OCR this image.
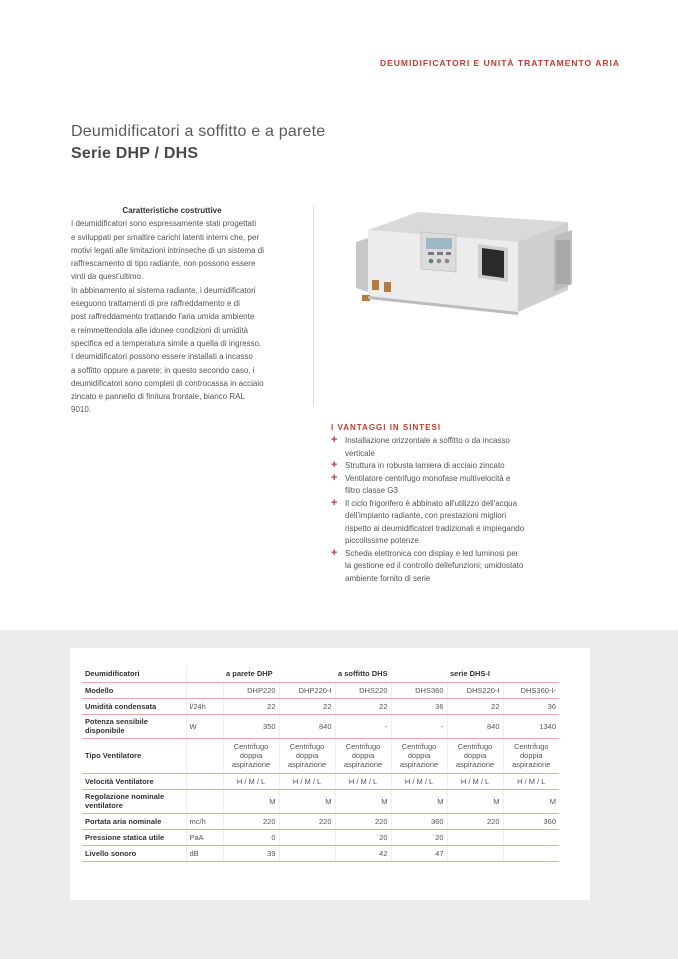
DEUMIDIFICATORI E UNITÀ TRATTAMENTO ARIA
Deumidificatori a soffitto e a parete
Serie DHP / DHS
Caratteristiche costruttive

I deumidificatori sono espressamente stati progettati

e sviluppati per smaltire carichi latenti interni che, per

motivi legati alle limitazioni intrinseche di un sistema di

raffrescamento di tipo radiante, non possono essere

vinti da quest'ultimo.

In abbinamento al sistema radiante, i deumidificatori

eseguono trattamenti di pre raffreddamento e di

post raffreddamento trattando l'aria umida ambiente

e reimmettendola alle idonee condizioni di umidità

specifica ed a temperatura simile a quella di ingresso.

I deumidificatori possono essere installati a incasso

a soffitto oppure a parete; in questo secondo caso, i

deumidificatori sono completi di controcassa in acciaio

zincato e pannello di finitura frontale, bianco RAL

9010.

I VANTAGGI IN SINTESI
+ Installazione orizzontale a soffitto o da incasso
verticale
+ Struttura in robusta lamiera di acciaio zincato
+ Ventilatore centrifugo monofase multivelocità e
filtro classe G3
+ Il ciclo frigorifero è abbinato all'utilizzo dell'acqua
dell'impianto radiante, con prestazioni migliori
rispetto ai deumidificatori tradizionali e impiegando
piccolissime potenze
+ Scheda elettronica con display e led luminosi per
la gestione ed il controllo dellefunzioni; umidostato
ambiente fornito di serie
Deumidificatori		a parete DHP		a soffitto DHS		serie DHS-I	
Modello		DHP220	DHP220-I	DHS220	DHS360	DHS220-I	DHS360-I-
Umidità condensata	l/24h	22	22	22	36	22	36
Potenza sensibile disponibile	W	350	840	-	-	840	1340
Tipo Ventilatore		Centrifugo
doppia
aspirazione	Centrifugo
doppia
aspirazione	Centrifugo
doppia
aspirazione	Centrifugo
doppia
aspirazione	Centrifugo
doppia
aspirazione	Centrifugo
doppia
aspirazione

Velocità Ventilatore		H / M / L	H / M / L	H / M / L	H / M / L	H / M / L	H / M / L
Regolazione nominale ventilatore		M	M	M	M	M	M
Portata aria nominale	mc/h	220	220	220	360	220	360
Pressione statica utile	PaA	0		20	20		
Livello sonoro	dB	39		42	47		
